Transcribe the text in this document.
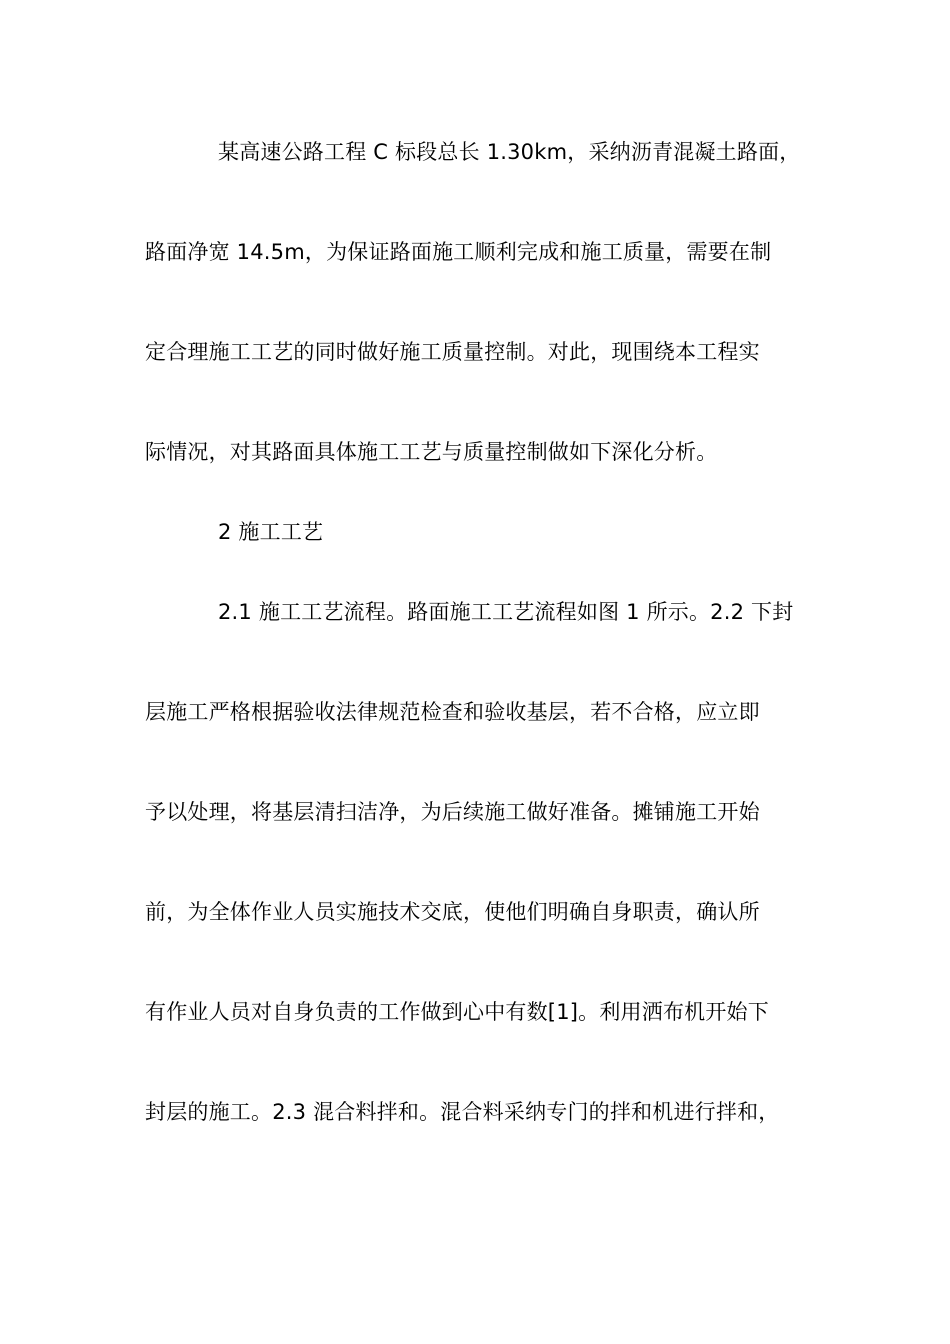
某高速公路工程 C 标段总长 1.30km，采纳沥青混凝土路面，
路面净宽 14.5m，为保证路面施工顺利完成和施工质量，需要在制
定合理施工工艺的同时做好施工质量控制。对此，现围绕本工程实
际情况，对其路面具体施工工艺与质量控制做如下深化分析。
2 施工工艺
2.1 施工工艺流程。路面施工工艺流程如图 1 所示。2.2 下封
层施工严格根据验收法律规范检查和验收基层，若不合格，应立即
予以处理，将基层清扫洁净，为后续施工做好准备。摊铺施工开始
前，为全体作业人员实施技术交底，使他们明确自身职责，确认所
有作业人员对自身负责的工作做到心中有数[1]。利用洒布机开始下
封层的施工。2.3 混合料拌和。混合料采纳专门的拌和机进行拌和，
